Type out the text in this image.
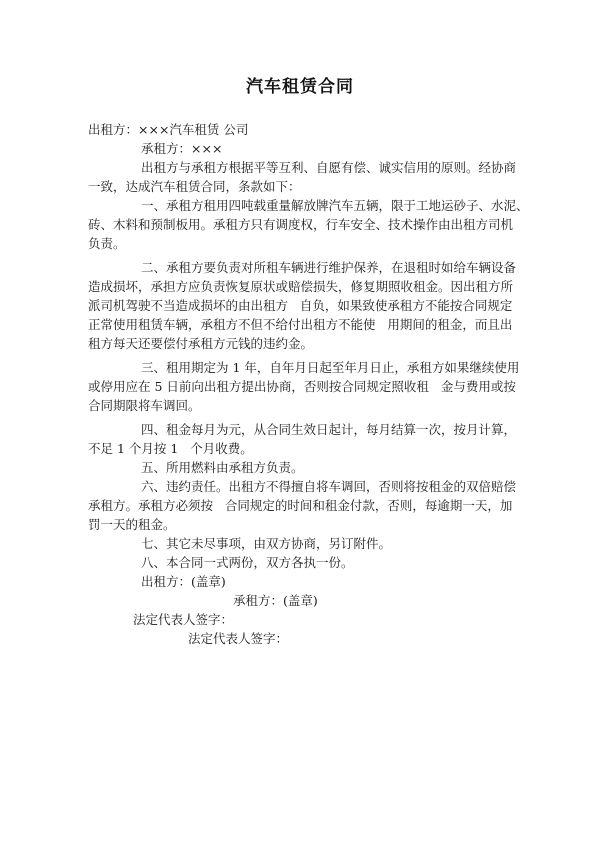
汽车租赁合同
出租方：×××汽车租赁 公司
承租方：×××
出租方与承租方根据平等互利、自愿有偿、诚实信用的原则。经协商
一致，达成汽车租赁合同，条款如下：
一、承租方租用四吨载重量解放牌汽车五辆，限于工地运砂子、水泥、
砖、木料和预制板用。承租方只有调度权，行车安全、技术操作由出租方司机
负责。
二、承租方要负责对所租车辆进行维护保养，在退租时如给车辆设备
造成损坏，承担方应负责恢复原状或赔偿损失，修复期照收租金。因出租方所
派司机驾驶不当造成损坏的由出租方   自负，如果致使承租方不能按合同规定
正常使用租赁车辆，承租方不但不给付出租方不能使   用期间的租金，而且出
租方每天还要偿付承租方元钱的违约金。
三、租用期定为 1 年，自年月日起至年月日止，承租方如果继续使用
或停用应在 5 日前向出租方提出协商，否则按合同规定照收租   金与费用或按
合同期限将车调回。
四、租金每月为元，从合同生效日起计，每月结算一次，按月计算，
不足 1 个月按 1   个月收费。
五、所用燃料由承租方负责。
六、违约责任。出租方不得擅自将车调回，否则将按租金的双倍赔偿
承租方。承租方必须按   合同规定的时间和租金付款，否则，每逾期一天，加
罚一天的租金。
七、其它未尽事项，由双方协商，另订附件。
八、本合同一式两份，双方各执一份。
出租方：(盖章)
承租方：(盖章)
法定代表人签字：
法定代表人签字：
